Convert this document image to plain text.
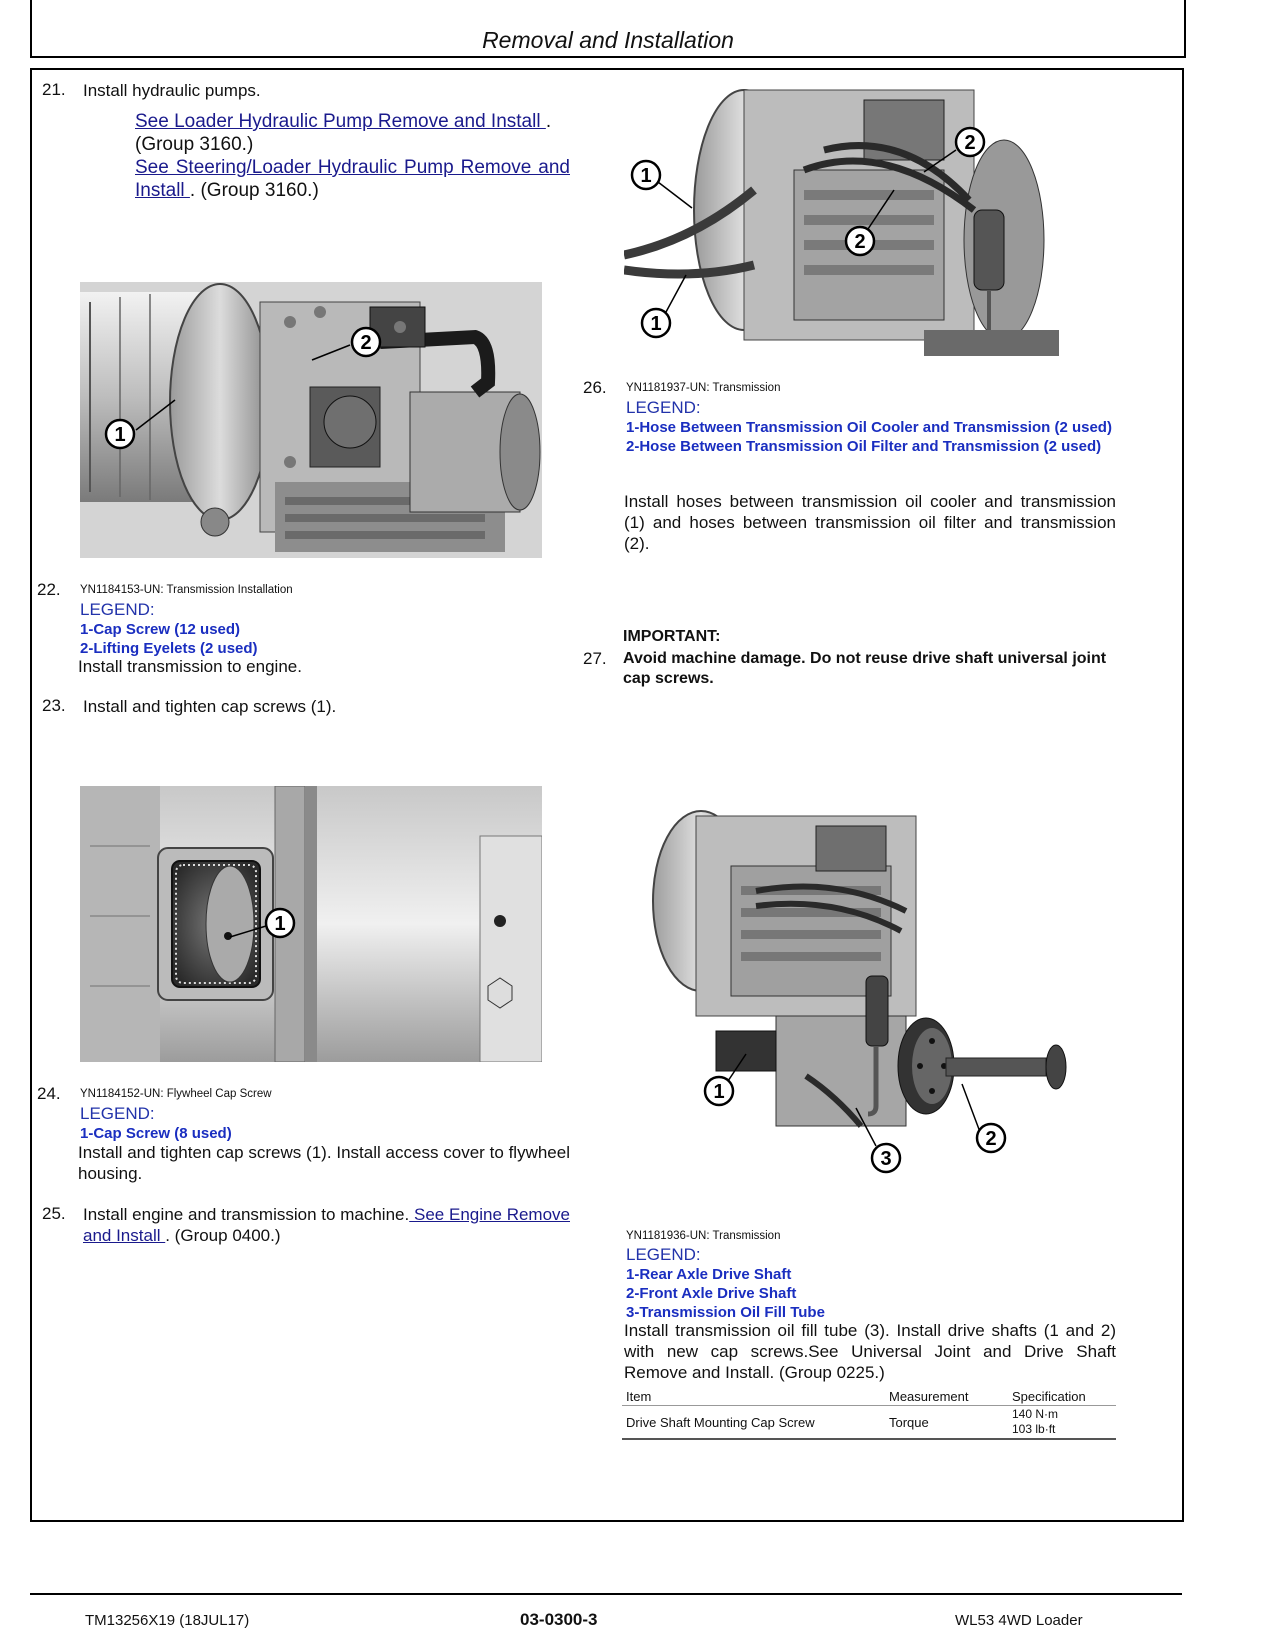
Removal and Installation
21. Install hydraulic pumps.
See Loader Hydraulic Pump Remove and Install .
(Group 3160.)
See Steering/Loader Hydraulic Pump Remove and Install . (Group 3160.)
1
2
22. YN1184153-UN: Transmission Installation
LEGEND:
1-Cap Screw (12 used)
2-Lifting Eyelets (2 used)
Install transmission to engine.
23. Install and tighten cap screws (1).
1
24. YN1184152-UN: Flywheel Cap Screw
LEGEND:
1-Cap Screw (8 used)
Install and tighten cap screws (1). Install access cover to flywheel housing.
25. Install engine and transmission to machine. See Engine Remove and Install . (Group 0400.)
1
1
2
2
26. YN1181937-UN: Transmission
LEGEND:
1-Hose Between Transmission Oil Cooler and Transmission (2 used)
2-Hose Between Transmission Oil Filter and Transmission (2 used)
Install hoses between transmission oil cooler and transmission (1) and hoses between transmission oil filter and transmission (2).
IMPORTANT:
27. Avoid machine damage. Do not reuse drive shaft universal joint cap screws.
1
2
3
YN1181936-UN: Transmission
LEGEND:
1-Rear Axle Drive Shaft
2-Front Axle Drive Shaft
3-Transmission Oil Fill Tube
Install transmission oil fill tube (3). Install drive shafts (1 and 2) with new cap screws.See Universal Joint and Drive Shaft Remove and Install. (Group 0225.)
Item	Measurement	Specification
Drive Shaft Mounting Cap Screw	Torque	140 N·m
103 lb·ft
TM13256X19 (18JUL17)	03-0300-3	WL53 4WD Loader
